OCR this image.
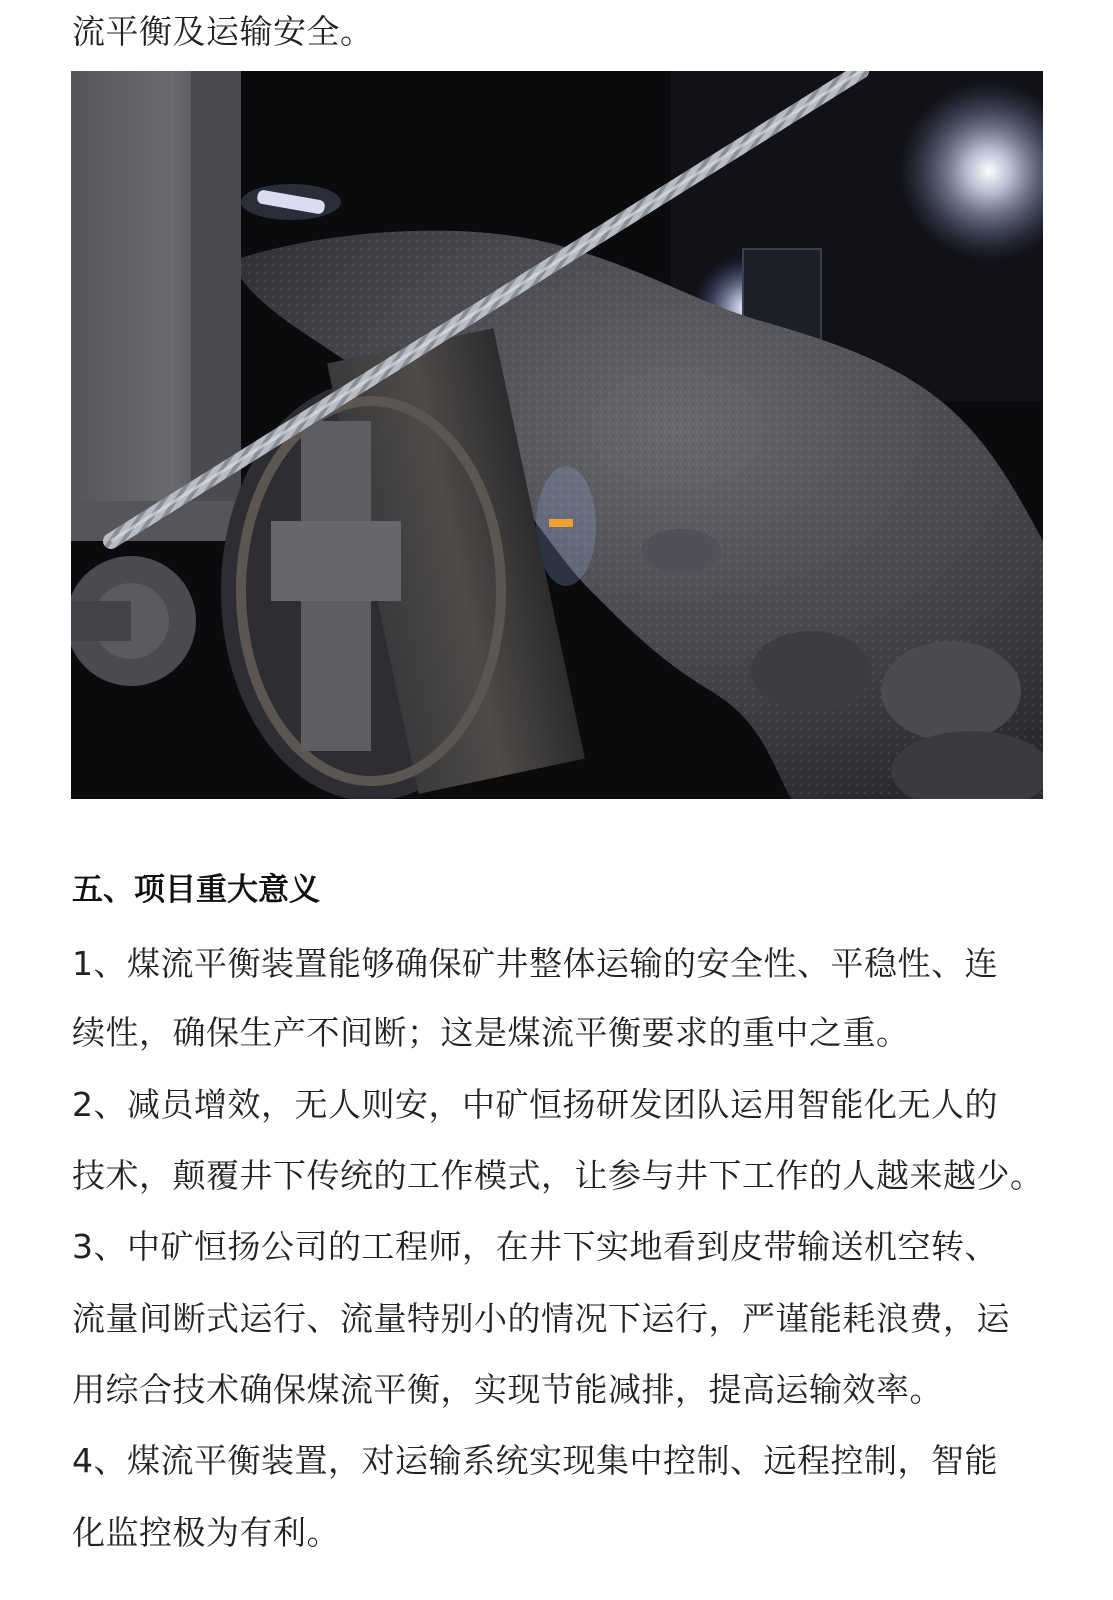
流平衡及运输安全。
五、项目重大意义
1、煤流平衡装置能够确保矿井整体运输的安全性、平稳性、连
续性，确保生产不间断；这是煤流平衡要求的重中之重。
2、减员增效，无人则安，中矿恒扬研发团队运用智能化无人的
技术，颠覆井下传统的工作模式，让参与井下工作的人越来越少。
3、中矿恒扬公司的工程师，在井下实地看到皮带输送机空转、
流量间断式运行、流量特别小的情况下运行，严谨能耗浪费，运
用综合技术确保煤流平衡，实现节能减排，提高运输效率。
4、煤流平衡装置，对运输系统实现集中控制、远程控制，智能
化监控极为有利。
